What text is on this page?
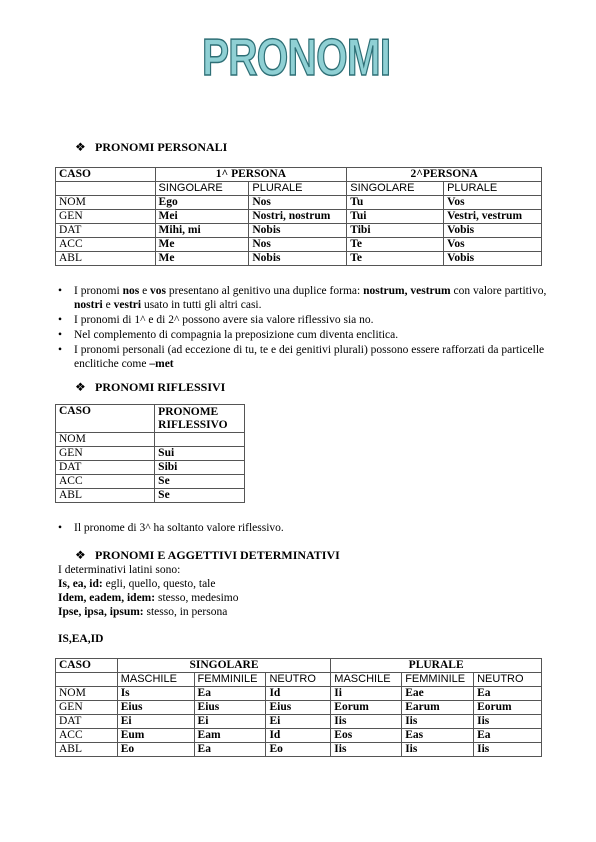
PRONOMI
❖ PRONOMI PERSONALI
CASO	1^ PERSONA		2^PERSONA	
	SINGOLARE	PLURALE	SINGOLARE	PLURALE
NOM	Ego	Nos	Tu	Vos
GEN	Mei	Nostri, nostrum	Tui	Vestri, vestrum
DAT	Mihi, mi	Nobis	Tibi	Vobis
ACC	Me	Nos	Te	Vos
ABL	Me	Nobis	Te	Vobis
• I pronomi nos e vos presentano al genitivo una duplice forma: nostrum, vestrum con valore partitivo, nostri e vestri usato in tutti gli altri casi.
• I pronomi di 1^ e di 2^ possono avere sia valore riflessivo sia no.
• Nel complemento di compagnia la preposizione cum diventa enclitica.
• I pronomi personali (ad eccezione di tu, te e dei genitivi plurali) possono essere rafforzati da particelle enclitiche come –met
❖ PRONOMI RIFLESSIVI
CASO	PRONOME RIFLESSIVO
NOM	
GEN	Sui
DAT	Sibi
ACC	Se
ABL	Se
• Il pronome di 3^ ha soltanto valore riflessivo.
❖ PRONOMI E AGGETTIVI DETERMINATIVI
I determinativi latini sono:
Is, ea, id: egli, quello, questo, tale
Idem, eadem, idem: stesso, medesimo
Ipse, ipsa, ipsum: stesso, in persona
IS,EA,ID
CASO	SINGOLARE			PLURALE		
	MASCHILE	FEMMINILE	NEUTRO	MASCHILE	FEMMINILE	NEUTRO
NOM	Is	Ea	Id	Ii	Eae	Ea
GEN	Eius	Eius	Eius	Eorum	Earum	Eorum
DAT	Ei	Ei	Ei	Iis	Iis	Iis
ACC	Eum	Eam	Id	Eos	Eas	Ea
ABL	Eo	Ea	Eo	Iis	Iis	Iis
